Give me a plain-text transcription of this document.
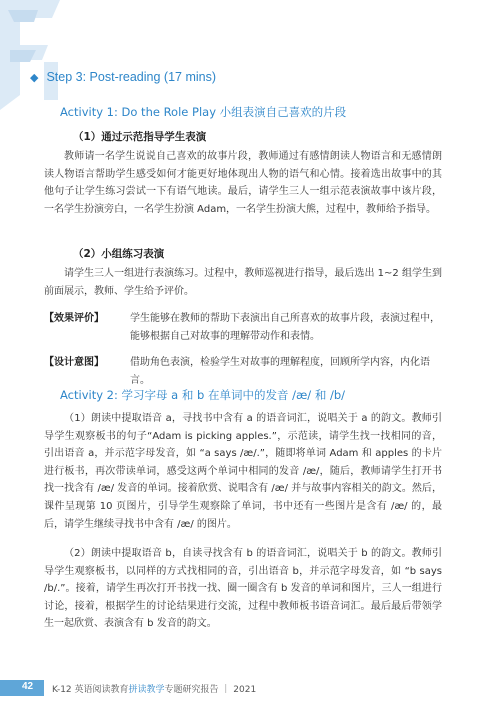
◆ Step 3: Post-reading (17 mins)
Activity 1: Do the Role Play 小组表演自己喜欢的片段
（1）通过示范指导学生表演

教师请一名学生说说自己喜欢的故事片段，教师通过有感情朗读人物语言和无感情朗读人物语言帮助学生感受如何才能更好地体现出人物的语气和心情。接着选出故事中的其他句子让学生练习尝试一下有语气地读。最后，请学生三人一组示范表演故事中该片段，一名学生扮演旁白，一名学生扮演 Adam，一名学生扮演大熊，过程中，教师给予指导。

（2）小组练习表演

请学生三人一组进行表演练习。过程中，教师巡视进行指导，最后选出 1~2 组学生到前面展示，教师、学生给予评价。

【效果评价】	学生能够在教师的帮助下表演出自己所喜欢的故事片段，表演过程中，能够根据自己对故事的理解带动作和表情。
【设计意图】	借助角色表演，检验学生对故事的理解程度，回顾所学内容，内化语言。
Activity 2: 学习字母 a 和 b 在单词中的发音 /æ/ 和 /b/

（1）朗读中提取语音 a，寻找书中含有 a 的语音词汇，说唱关于 a 的韵文。教师引导学生观察板书的句子“Adam is picking apples.”，示范读，请学生找一找相同的音，引出语音 a，并示范字母发音，如 “a says /æ/.”，随即将单词 Adam 和 apples 的卡片进行板书，再次带读单词，感受这两个单词中相同的发音 /æ/，随后，教师请学生打开书找一找含有 /æ/ 发音的单词。接着欣赏、说唱含有 /æ/ 并与故事内容相关的韵文。然后，课件呈现第 10 页图片，引导学生观察除了单词，书中还有一些图片是含有 /æ/ 的，最后，请学生继续寻找书中含有 /æ/ 的图片。

（2）朗读中提取语音 b，自读寻找含有 b 的语音词汇，说唱关于 b 的韵文。教师引导学生观察板书，以同样的方式找相同的音，引出语音 b，并示范字母发音，如 “b says /b/.”。接着，请学生再次打开书找一找、圈一圈含有 b 发音的单词和图片，三人一组进行讨论，接着，根据学生的讨论结果进行交流，过程中教师板书语音词汇。最后最后带领学生一起欣赏、表演含有 b 发音的韵文。

42 K-12 英语阅读教育拼读教学专题研究报告 ｜ 2021
